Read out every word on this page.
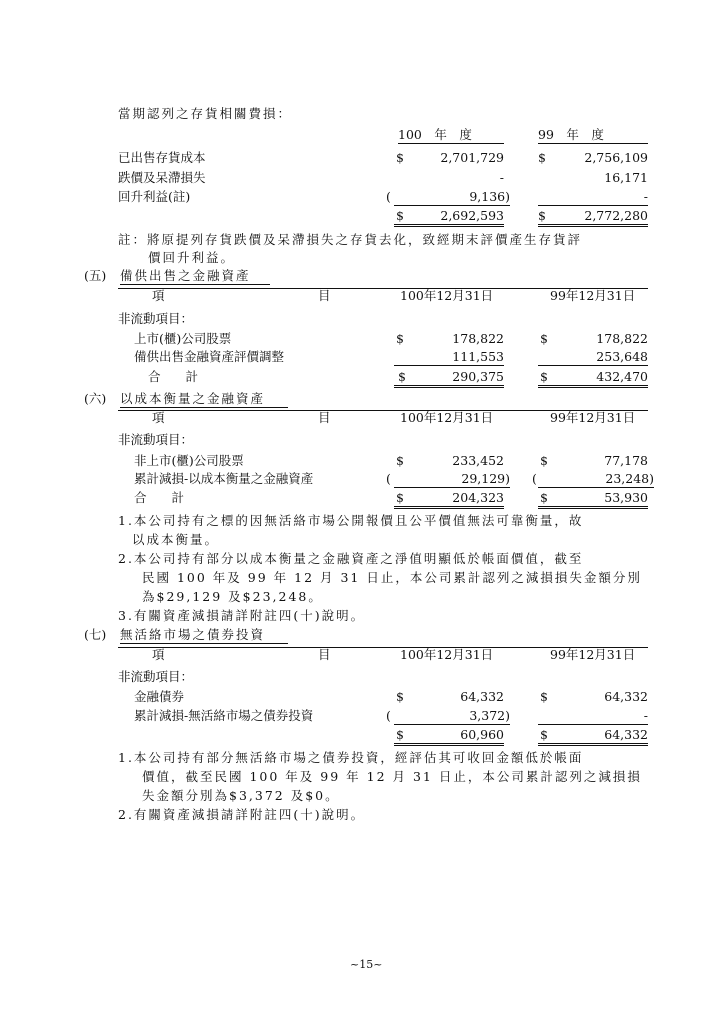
當期認列之存貨相關費損：
100　年　度	99　年　度
已出售存貨成本	$	2,701,729	$	2,756,109
跌價及呆滯損失	-	16,171
回升利益(註)	(	9,136)	-
$	2,692,593	$	2,772,280
註：將原提列存貨跌價及呆滯損失之存貨去化，致經期末評價產生存貨評
價回升利益。
(五) 備供出售之金融資產
項	目	100年12月31日	99年12月31日
非流動項目：
上市(櫃)公司股票	$	178,822	$	178,822
備供出售金融資產評價調整	111,553	253,648
合　　計	$	290,375	$	432,470
(六) 以成本衡量之金融資產
項	目	100年12月31日	99年12月31日
非流動項目：
非上市(櫃)公司股票	$	233,452	$	77,178
累計減損-以成本衡量之金融資產	(	29,129) (	23,248)
合　　計	$	204,323	$	53,930
1.本公司持有之標的因無活絡市場公開報價且公平價值無法可靠衡量，故
以成本衡量。
2.本公司持有部分以成本衡量之金融資產之淨值明顯低於帳面價值，截至
民國 100 年及 99 年 12 月 31 日止，本公司累計認列之減損損失金額分別
為$29,129 及$23,248。
3.有關資產減損請詳附註四(十)說明。
(七) 無活絡市場之債券投資
項	目	100年12月31日	99年12月31日
非流動項目：
金融債券	$	64,332	$	64,332
累計減損-無活絡市場之債券投資	(	3,372)	-
$	60,960	$	64,332
1.本公司持有部分無活絡市場之債券投資，經評估其可收回金額低於帳面
價值，截至民國 100 年及 99 年 12 月 31 日止，本公司累計認列之減損損
失金額分別為$3,372 及$0。
2.有關資產減損請詳附註四(十)說明。
~15~
